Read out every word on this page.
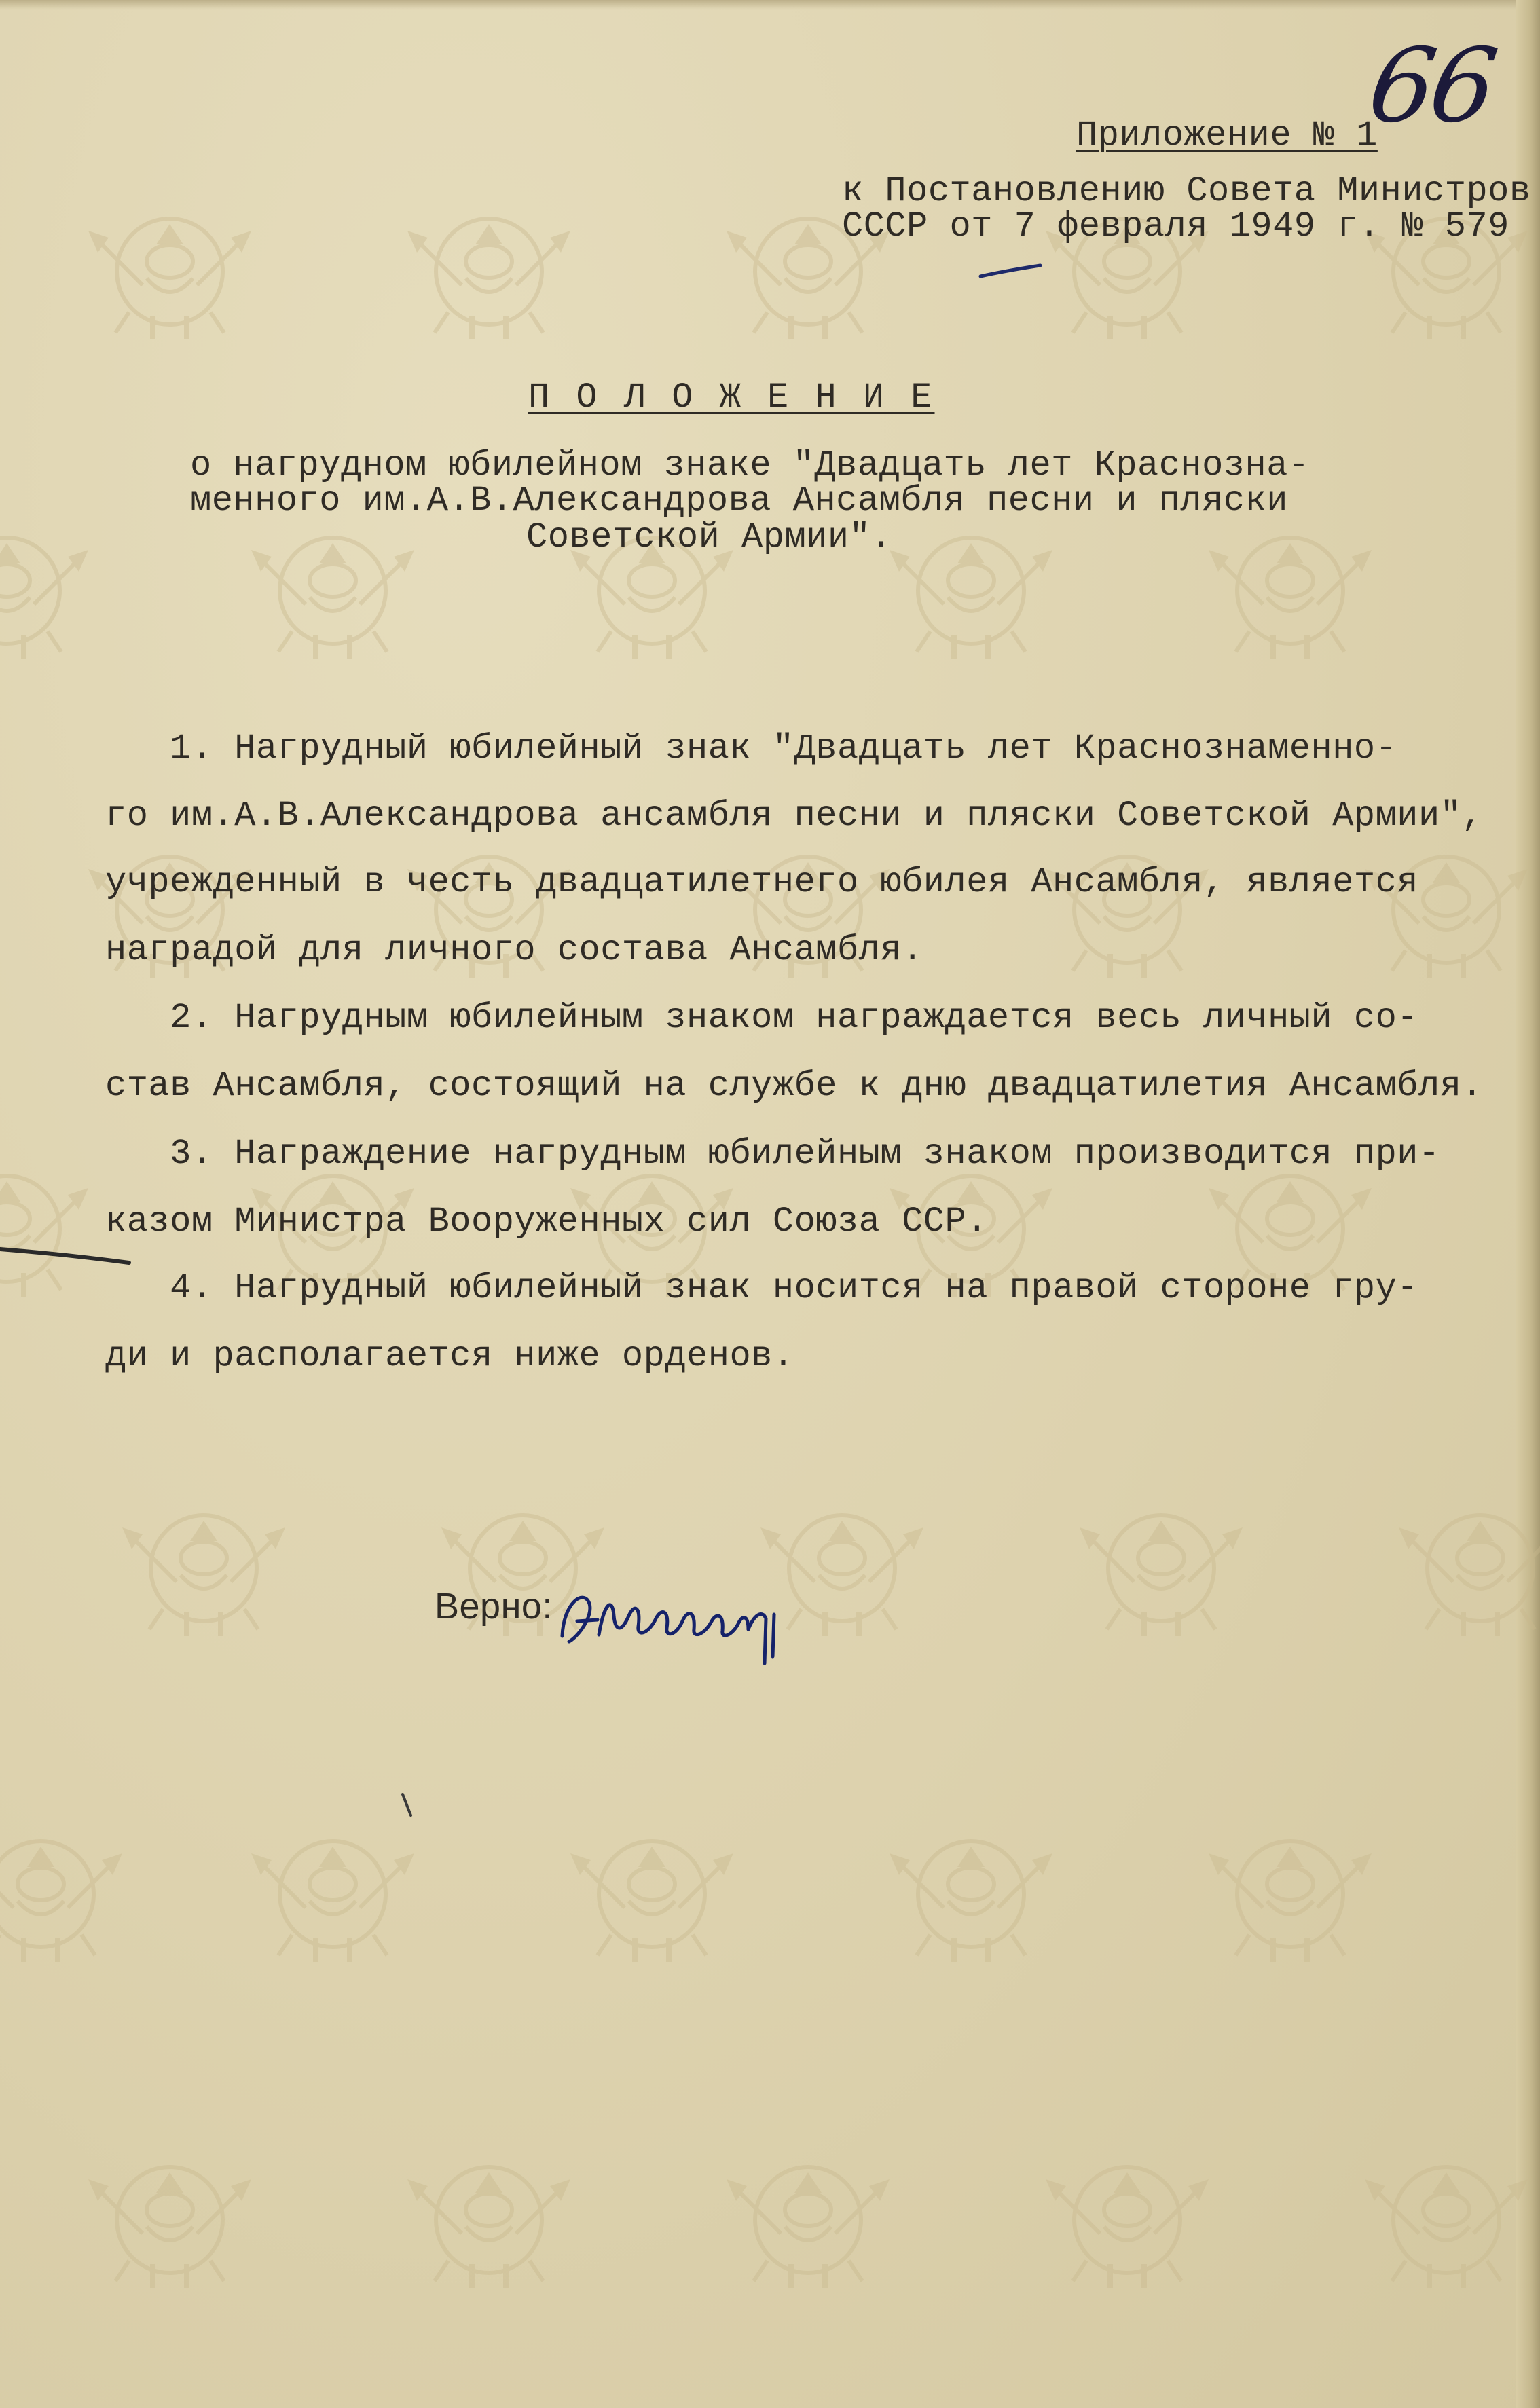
66
Приложение № 1
к Постановлению Совета Министров
СССР от 7 февраля 1949 г. № 579
П О Л О Ж Е Н И Е
о нагрудном юбилейном знаке "Двадцать лет Краснозна-
менного им.А.В.Александрова Ансамбля песни и пляски
Советской Армии".
1. Нагрудный юбилейный знак "Двадцать лет Краснознаменно-
го им.А.В.Александрова ансамбля песни и пляски Советской Армии",
учрежденный в честь двадцатилетнего юбилея Ансамбля, является
наградой для личного состава Ансамбля.
2. Нагрудным юбилейным знаком награждается весь личный со-
став Ансамбля, состоящий на службе к дню двадцатилетия Ансамбля.
3. Награждение нагрудным юбилейным знаком производится при-
казом Министра Вооруженных сил Союза ССР.
4. Нагрудный юбилейный знак носится на правой стороне гру-
ди и располагается ниже орденов.
Верно:
